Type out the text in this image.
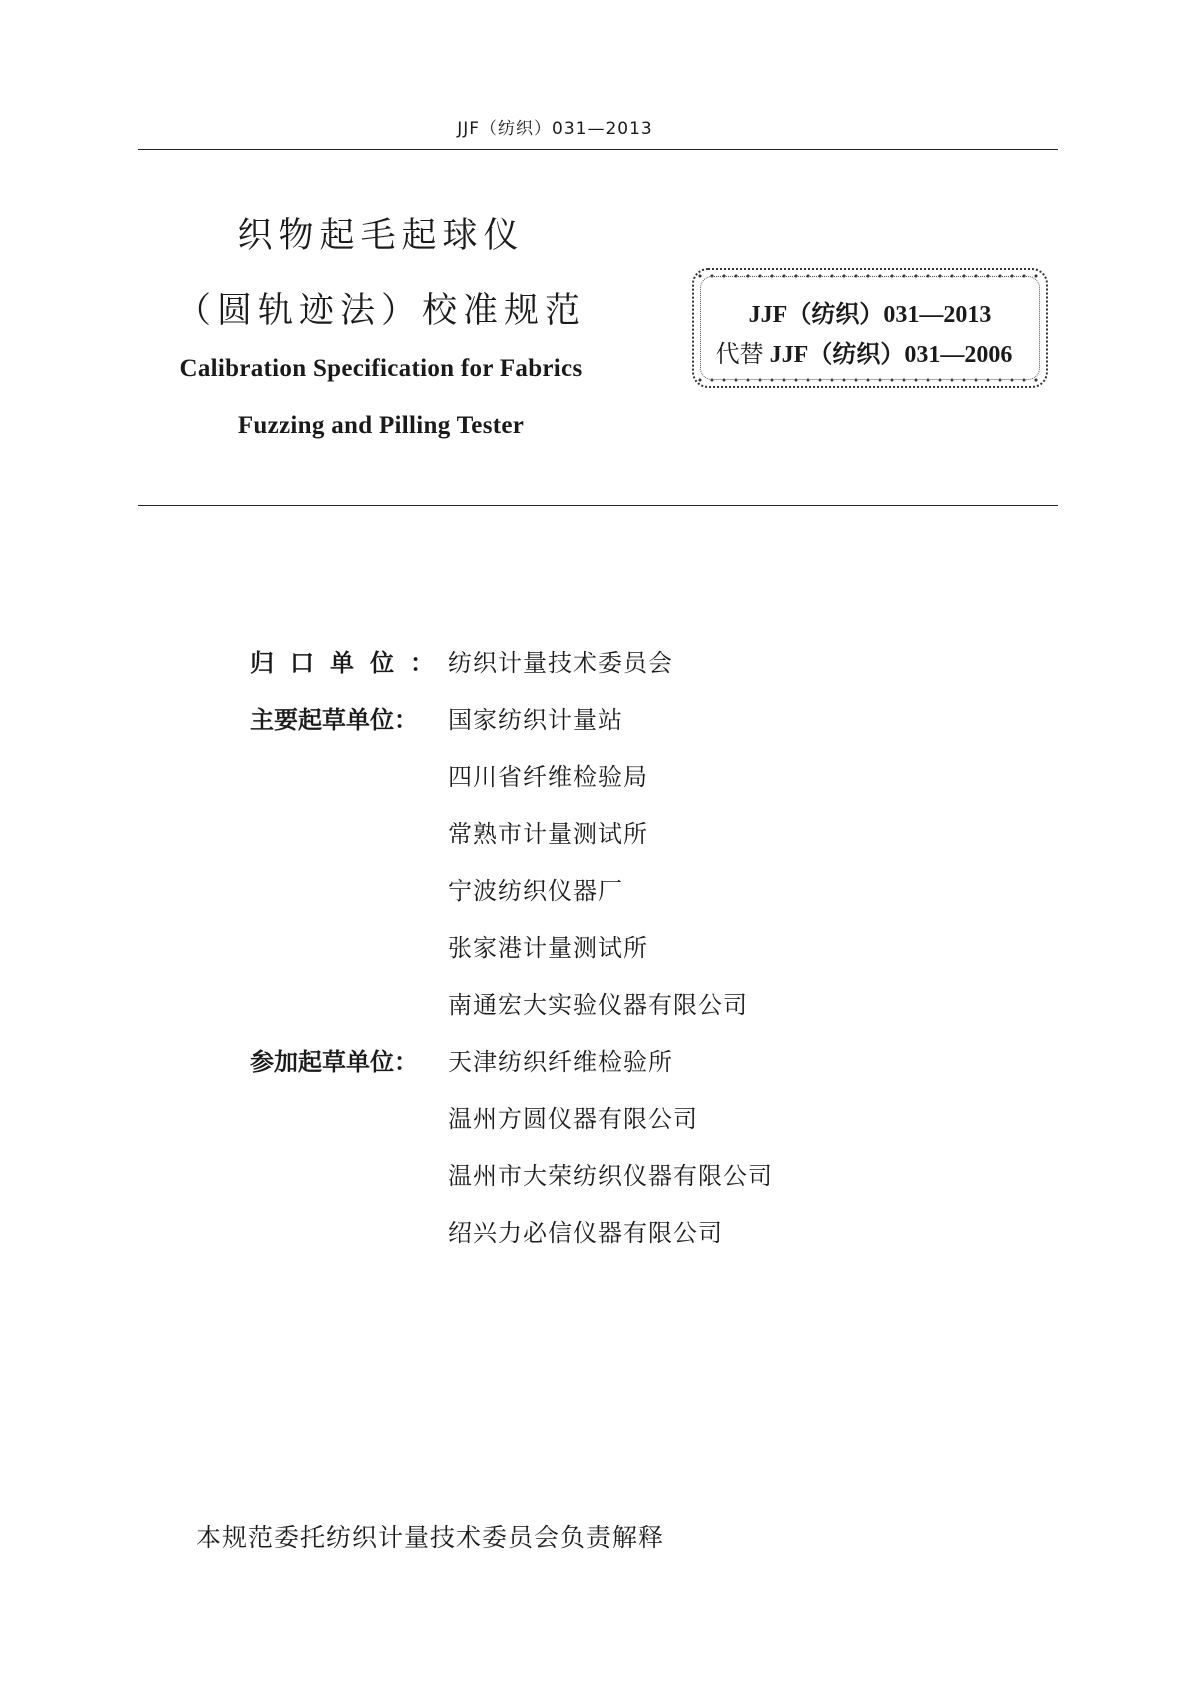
JJF（纺织）031—2013
织物起毛起球仪
（圆轨迹法）校准规范
Calibration Specification for Fabrics
Fuzzing and Pilling Tester
JJF（纺织）031—2013
代替 JJF（纺织）031—2006
归口单位：纺织计量技术委员会
主要起草单位： 国家纺织计量站
四川省纤维检验局
常熟市计量测试所
宁波纺织仪器厂
张家港计量测试所
南通宏大实验仪器有限公司
参加起草单位： 天津纺织纤维检验所
温州方圆仪器有限公司
温州市大荣纺织仪器有限公司
绍兴力必信仪器有限公司
本规范委托纺织计量技术委员会负责解释
